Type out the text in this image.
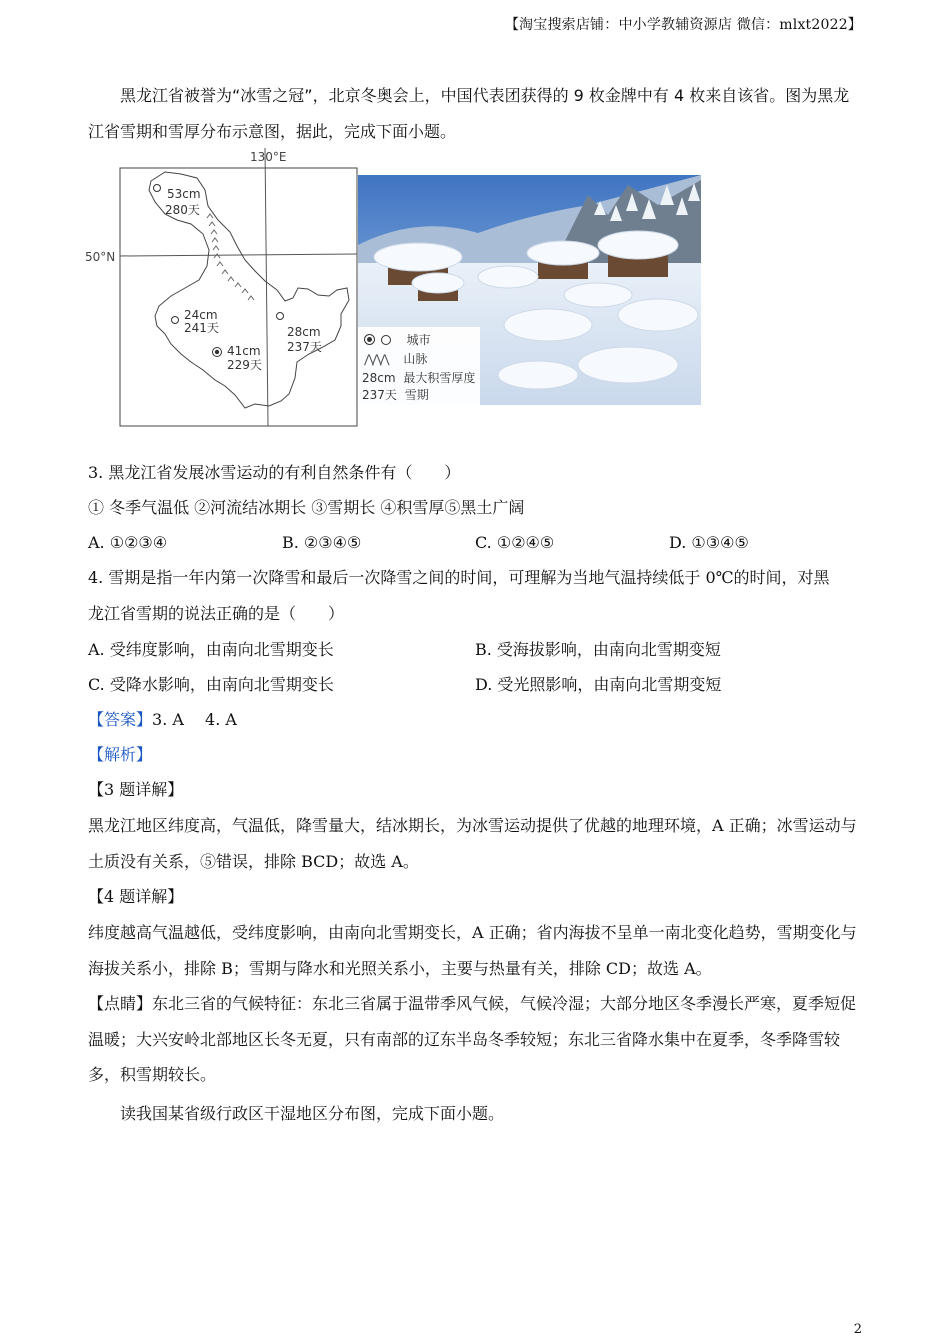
【淘宝搜索店铺：中小学教辅资源店 微信：mlxt2022】
黑龙江省被誉为“冰雪之冠”，北京冬奥会上，中国代表团获得的 9 枚金牌中有 4 枚来自该省。图为黑龙江省雪期和雪厚分布示意图，据此，完成下面小题。
130°E
50°N
53cm
280天
24cm
241天
41cm
229天
28cm
237天	城市
⋀⋀⋀ 山脉
28cm 最大积雪厚度
237天 雪期
3. 黑龙江省发展冰雪运动的有利自然条件有（　　）
① 冬季气温低 ②河流结冰期长 ③雪期长 ④积雪厚⑤黑土广阔
A. ①②③④	B. ②③④⑤	C. ①②④⑤	D. ①③④⑤
4. 雪期是指一年内第一次降雪和最后一次降雪之间的时间，可理解为当地气温持续低于 0℃的时间，对黑
龙江省雪期的说法正确的是（　　）
A. 受纬度影响，由南向北雪期变长	B. 受海拔影响，由南向北雪期变短
C. 受降水影响，由南向北雪期变长	D. 受光照影响，由南向北雪期变短
【答案】3. A　 4. A
【解析】
【3 题详解】
黑龙江地区纬度高，气温低，降雪量大，结冰期长，为冰雪运动提供了优越的地理环境，A 正确；冰雪运动与土质没有关系，⑤错误，排除 BCD；故选 A。
【4 题详解】
纬度越高气温越低，受纬度影响，由南向北雪期变长，A 正确；省内海拔不呈单一南北变化趋势，雪期变化与海拔关系小，排除 B；雪期与降水和光照关系小，主要与热量有关，排除 CD；故选 A。
【点睛】东北三省的气候特征：东北三省属于温带季风气候，气候冷湿；大部分地区冬季漫长严寒，夏季短促温暖；大兴安岭北部地区长冬无夏，只有南部的辽东半岛冬季较短；东北三省降水集中在夏季，冬季降雪较多，积雪期较长。
读我国某省级行政区干湿地区分布图，完成下面小题。
2
